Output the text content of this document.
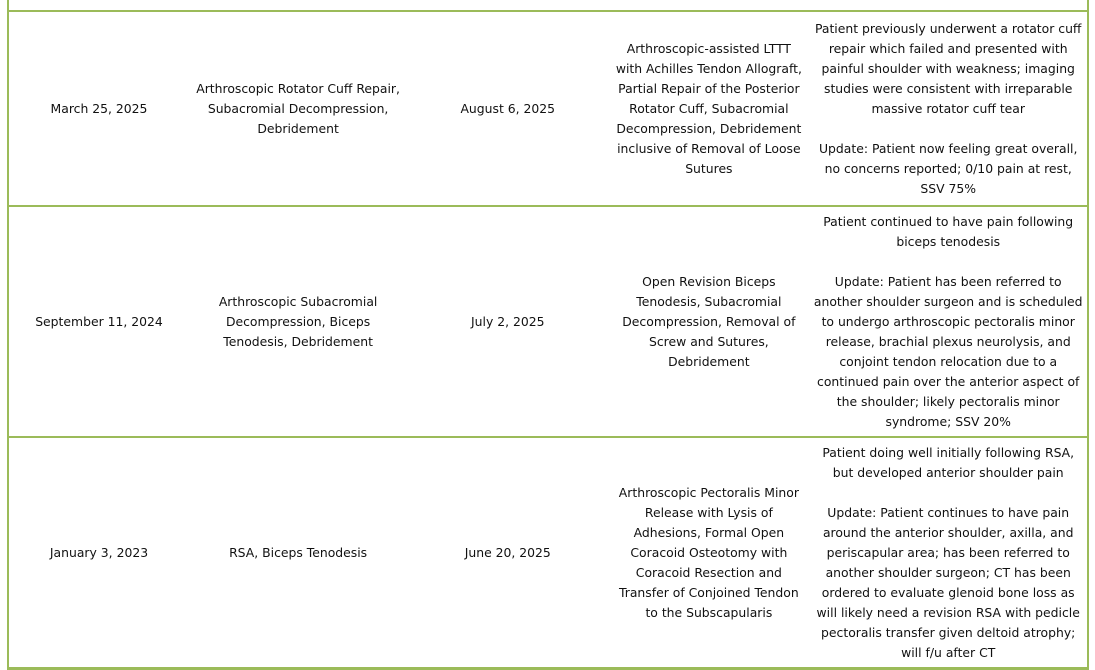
March 25, 2025	Arthroscopic Rotator Cuff Repair, Subacromial Decompression, Debridement	August 6, 2025	Arthroscopic-assisted LTTT with Achilles Tendon Allograft, Partial Repair of the Posterior Rotator Cuff, Subacromial Decompression, Debridement inclusive of Removal of Loose Sutures	Patient previously underwent a rotator cuff repair which failed and presented with painful shoulder with weakness; imaging studies were consistent with irreparable massive rotator cuff tear
Update: Patient now feeling great overall, no concerns reported; 0/10 pain at rest, SSV 75%

September 11, 2024	Arthroscopic Subacromial Decompression, Biceps Tenodesis, Debridement	July 2, 2025	Open Revision Biceps Tenodesis, Subacromial Decompression, Removal of Screw and Sutures, Debridement	Patient continued to have pain following biceps tenodesis
Update: Patient has been referred to another shoulder surgeon and is scheduled to undergo arthroscopic pectoralis minor release, brachial plexus neurolysis, and conjoint tendon relocation due to a continued pain over the anterior aspect of the shoulder; likely pectoralis minor syndrome; SSV 20%

January 3, 2023	RSA, Biceps Tenodesis	June 20, 2025	Arthroscopic Pectoralis Minor Release with Lysis of Adhesions, Formal Open Coracoid Osteotomy with Coracoid Resection and Transfer of Conjoined Tendon to the Subscapularis	Patient doing well initially following RSA, but developed anterior shoulder pain
Update: Patient continues to have pain around the anterior shoulder, axilla, and periscapular area; has been referred to another shoulder surgeon; CT has been ordered to evaluate glenoid bone loss as will likely need a revision RSA with pedicle pectoralis transfer given deltoid atrophy; will f/u after CT
